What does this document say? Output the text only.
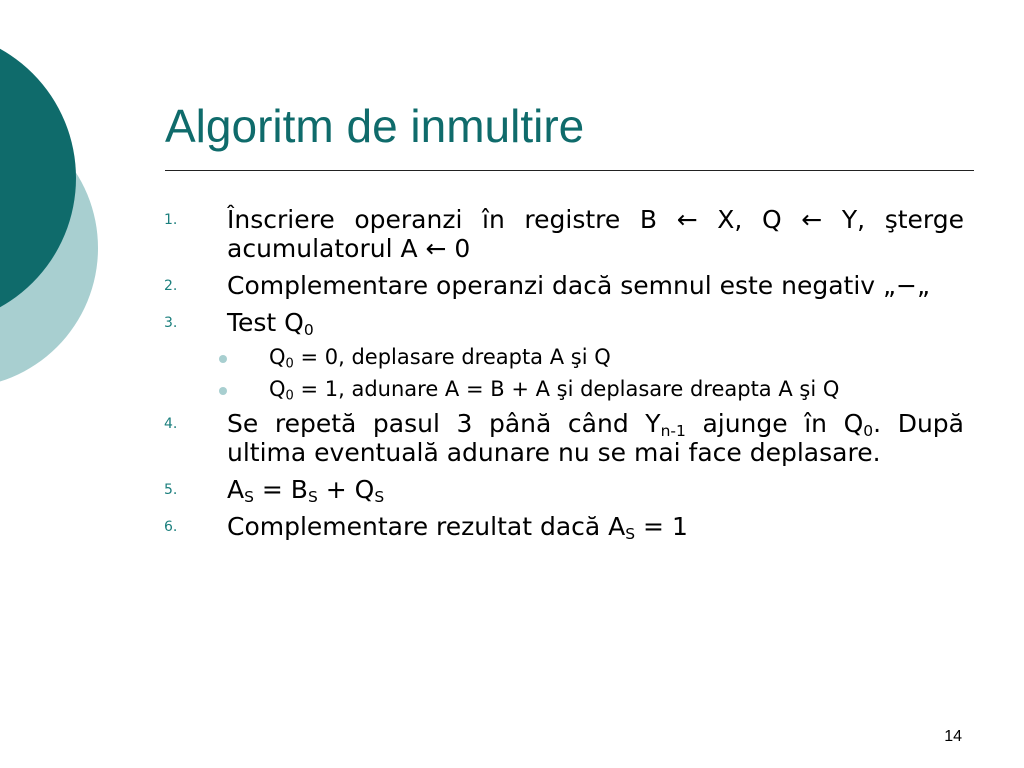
Algoritm de inmultire
1. Înscriere operanzi în registre B ← X, Q ← Y, şterge acumulatorul A ← 0
2. Complementare operanzi dacă semnul este negativ „−„
3. Test $Q_0$
$Q_0 = 0$, deplasare dreapta A şi Q
$Q_0 = 1$, adunare A = B + A şi deplasare dreapta A şi Q
4. Se repetă pasul 3 până când $Y_{n-1}$ ajunge în $Q_0$. După ultima eventuală adunare nu se mai face deplasare.
5. $A_S = B_S + Q_S$
6. Complementare rezultat dacă $A_S = 1$
14
